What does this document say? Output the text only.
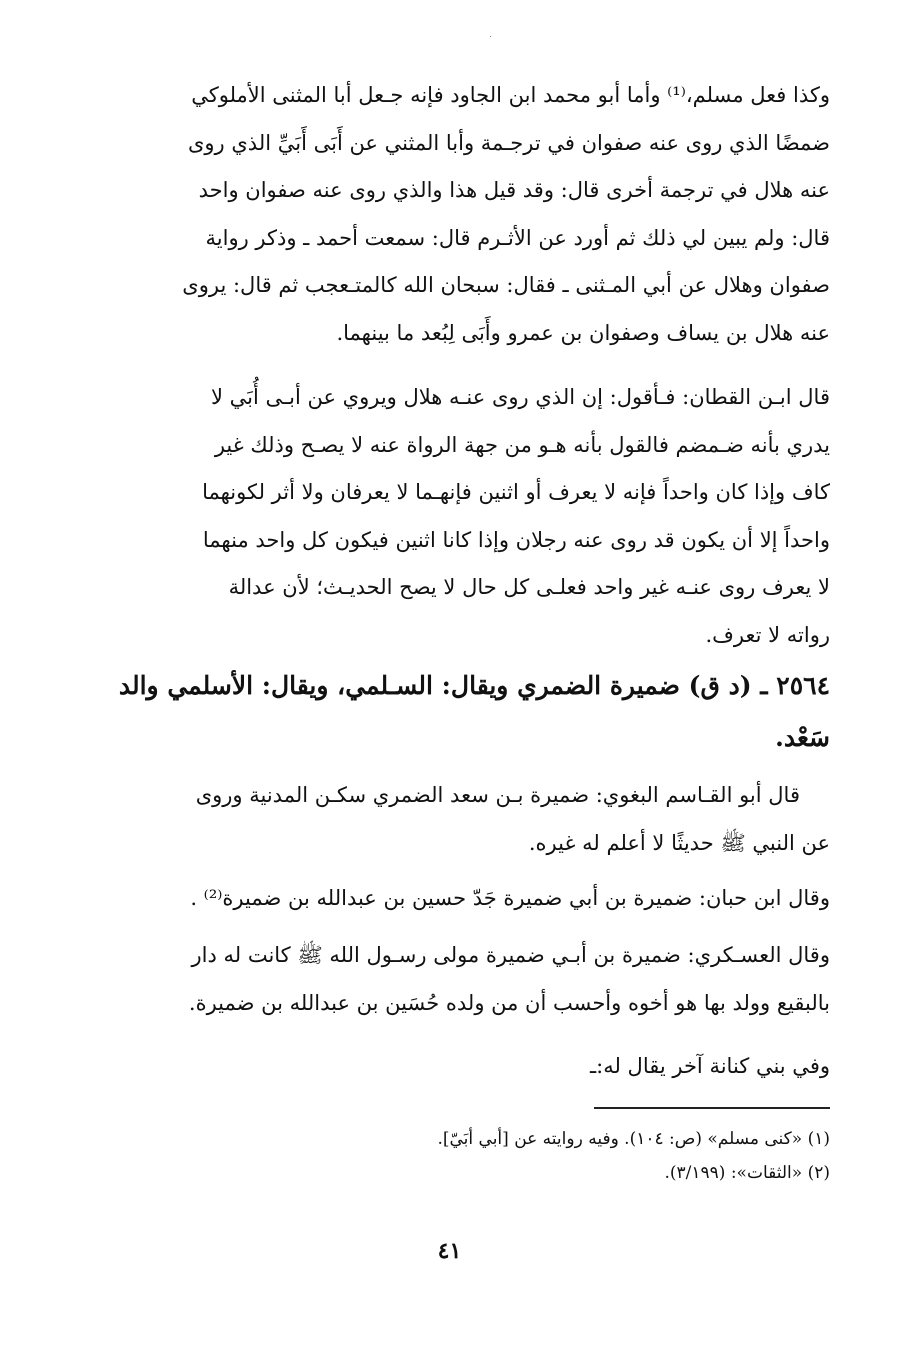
وكذا فعل مسلم،⁽¹⁾ وأما أبو محمد ابن الجاود فإنه جـعل أبا المثنى الأملوكي
ضمضًا الذي روى عنه صفوان في ترجـمة وأبا المثني عن أَبَى أَبَيِّ الذي روى
عنه هلال في ترجمة أخرى قال: وقد قيل هذا والذي روى عنه صفوان واحد
قال: ولم يبين لي ذلك ثم أورد عن الأثـرم قال: سمعت أحمد ـ وذكر رواية
صفوان وهلال عن أبي المـثنى ـ فقال: سبحان الله كالمتـعجب ثم قال: يروى
عنه هلال بن يساف وصفوان بن عمرو وأَبَى لِبُعد ما بينهما.
قال ابـن القطان: فـأقول: إن الذي روى عنـه هلال ويروي عن أبـى أُبَي لا
يدري بأنه ضـمضم فالقول بأنه هـو من جهة الرواة عنه لا يصـح وذلك غير
كاف وإذا كان واحداً فإنه لا يعرف أو اثنين فإنهـما لا يعرفان ولا أثر لكونهما
واحداً إلا أن يكون قد روى عنه رجلان وإذا كانا اثنين فيكون كل واحد منهما
لا يعرف روى عنـه غير واحد فعلـى كل حال لا يصح الحديـث؛ لأن عدالة
رواته لا تعرف.
٢٥٦٤ ـ (د ق) ضميرة الضمري ويقال: السـلمي، ويقال: الأسلمي والد
سَعْد.
قال أبو القـاسم البغوي: ضميرة بـن سعد الضمري سكـن المدنية وروى
عن النبي ﷺ حديثًا لا أعلم له غيره.
وقال ابن حبان: ضميرة بن أبي ضميرة جَدّ حسين بن عبدالله بن ضميرة⁽²⁾ .
وقال العسـكري: ضميرة بن أبـي ضميرة مولى رسـول الله ﷺ كانت له دار
بالبقيع وولد بها هو أخوه وأحسب أن من ولده حُسَين بن عبدالله بن ضميرة.
وفي بني كنانة آخر يقال له:ـ
(١) «كنى مسلم» (ص: ١٠٤). وفيه روايته عن [أبي أبَيّ].
(٢) «الثقات»: (٣/١٩٩).
٤١
